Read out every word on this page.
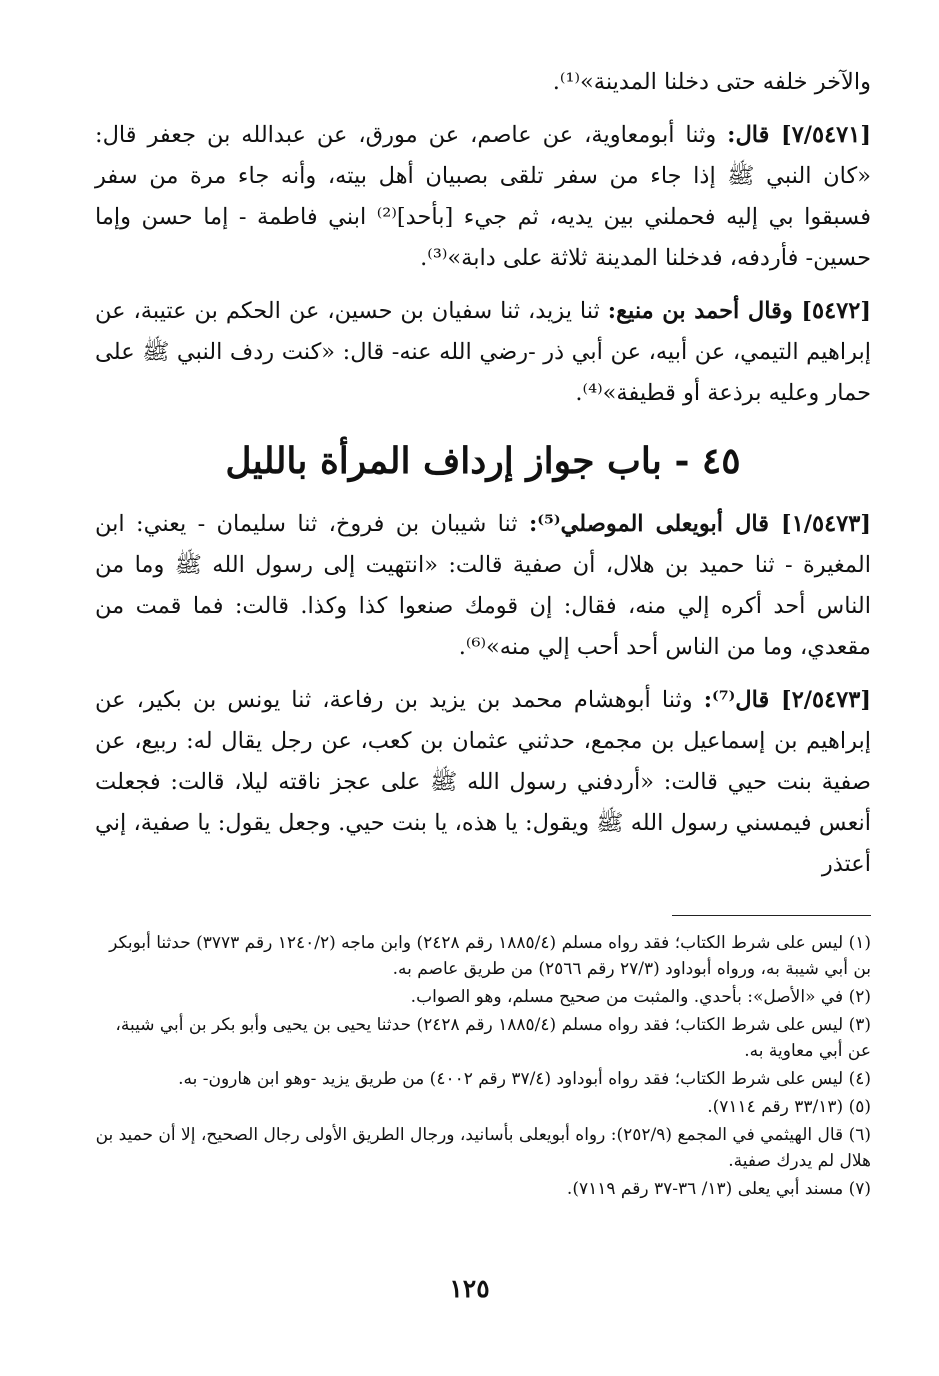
والآخر خلفه حتى دخلنا المدينة»⁽¹⁾.

[٧/٥٤٧١] قال: وثنا أبومعاوية، عن عاصم، عن مورق، عن عبدالله بن جعفر قال: «كان النبي ﷺ إذا جاء من سفر تلقى بصبيان أهل بيته، وأنه جاء مرة من سفر فسبقوا بي إليه فحملني بين يديه، ثم جيء [بأحد]⁽²⁾ ابني فاطمة - إما حسن وإما حسين- فأردفه، فدخلنا المدينة ثلاثة على دابة»⁽³⁾.

[٥٤٧٢] وقال أحمد بن منيع: ثنا يزيد، ثنا سفيان بن حسين، عن الحكم بن عتيبة، عن إبراهيم التيمي، عن أبيه، عن أبي ذر -رضي الله عنه- قال: «كنت ردف النبي ﷺ على حمار وعليه برذعة أو قطيفة»⁽⁴⁾.

٤٥ - باب جواز إرداف المرأة بالليل

[١/٥٤٧٣] قال أبويعلى الموصلي⁽⁵⁾: ثنا شيبان بن فروخ، ثنا سليمان - يعني: ابن المغيرة - ثنا حميد بن هلال، أن صفية قالت: «انتهيت إلى رسول الله ﷺ وما من الناس أحد أكره إلي منه، فقال: إن قومك صنعوا كذا وكذا. قالت: فما قمت من مقعدي، وما من الناس أحد أحب إلي منه»⁽⁶⁾.

[٢/٥٤٧٣] قال⁽⁷⁾: وثنا أبوهشام محمد بن يزيد بن رفاعة، ثنا يونس بن بكير، عن إبراهيم بن إسماعيل بن مجمع، حدثني عثمان بن كعب، عن رجل يقال له: ربيع، عن صفية بنت حيي قالت: «أردفني رسول الله ﷺ على عجز ناقته ليلا، قالت: فجعلت أنعس فيمسني رسول الله ﷺ ويقول: يا هذه، يا بنت حيي. وجعل يقول: يا صفية، إني أعتذر

(١) ليس على شرط الكتاب؛ فقد رواه مسلم (١٨٨٥/٤ رقم ٢٤٢٨) وابن ماجه (١٢٤٠/٢ رقم ٣٧٧٣) حدثنا أبوبكر بن أبي شيبة به، ورواه أبوداود (٢٧/٣ رقم ٢٥٦٦) من طريق عاصم به.
(٢) في «الأصل»: بأحدي. والمثبت من صحيح مسلم، وهو الصواب.
(٣) ليس على شرط الكتاب؛ فقد رواه مسلم (١٨٨٥/٤ رقم ٢٤٢٨) حدثنا يحيى بن يحيى وأبو بكر بن أبي شيبة، عن أبي معاوية به.
(٤) ليس على شرط الكتاب؛ فقد رواه أبوداود (٣٧/٤ رقم ٤٠٠٢) من طريق يزيد -وهو ابن هارون- به.
(٥) (٣٣/١٣ رقم ٧١١٤).
(٦) قال الهيثمي في المجمع (٢٥٢/٩): رواه أبويعلى بأسانيد، ورجال الطريق الأولى رجال الصحيح، إلا أن حميد بن هلال لم يدرك صفية.
(٧) مسند أبي يعلى (١٣/ ٣٦-٣٧ رقم ٧١١٩).
١٢٥
